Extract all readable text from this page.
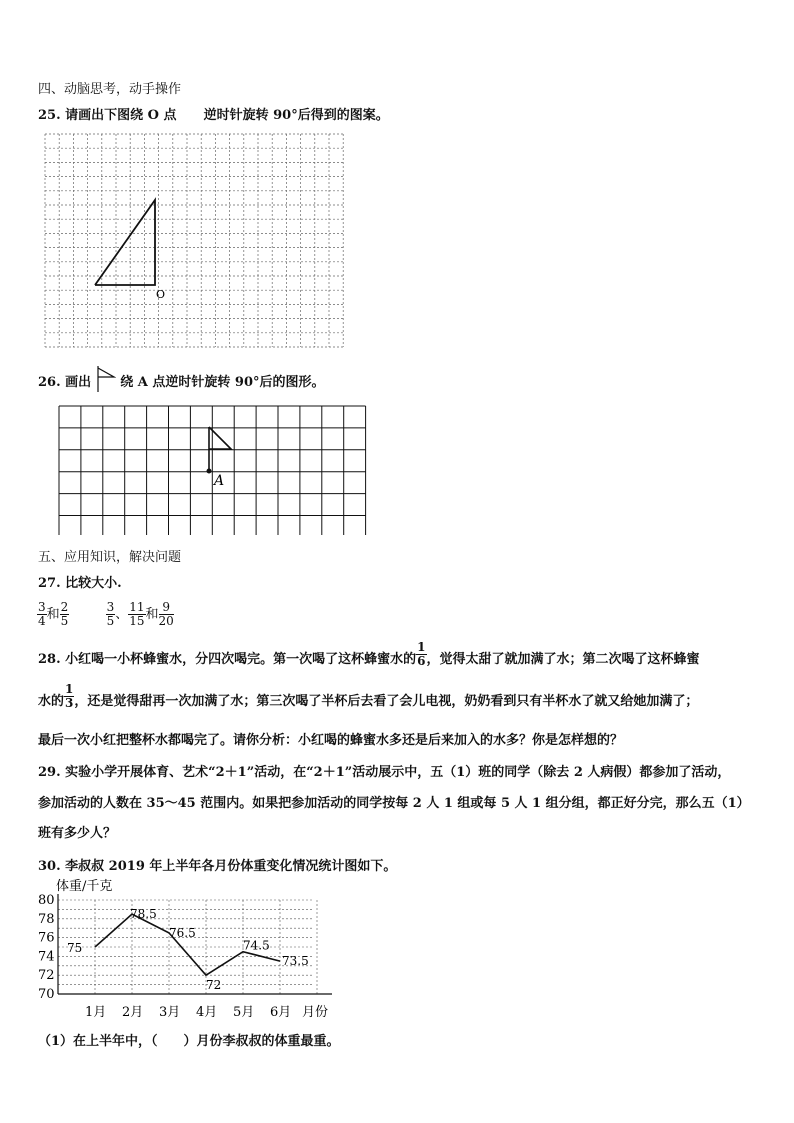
四、动脑思考，动手操作
25. 请画出下图绕 O 点 逆时针旋转 90°后得到的图案。
O
26. 画出 绕 A 点逆时针旋转 90°后的图形。
A
五、应用知识，解决问题
27. 比较大小.
$\frac{3}{4}$ 和 $\frac{2}{5}$
	$\frac{3}{5}$ 、 $\frac{11}{15}$ 和 $\frac{9}{20}$
28. 小红喝一小杯蜂蜜水，分四次喝完。第一次喝了这杯蜂蜜水的 $\frac{1}{6}$ ，觉得太甜了就加满了水；第二次喝了这杯蜂蜜
水的 $\frac{1}{3}$ ，还是觉得甜再一次加满了水；第三次喝了半杯后去看了会儿电视，奶奶看到只有半杯水了就又给她加满了；
最后一次小红把整杯水都喝完了。请你分析：小红喝的蜂蜜水多还是后来加入的水多？你是怎样想的？
29. 实验小学开展体育、艺术“2＋1”活动，在“2＋1”活动展示中，五（1）班的同学（除去 2 人病假）都参加了活动，
参加活动的人数在 35～45 范围内。如果把参加活动的同学按每 2 人 1 组或每 5 人 1 组分组，都正好分完，那么五（1）
班有多少人？
30. 李叔叔 2019 年上半年各月份体重变化情况统计图如下。
70
72
74
76
78
80
1月 2月 3月 4月 5月 6月
75
78.5
76.5
72
74.5
73.5
体重/千克
月份
（1）在上半年中，（　　）月份李叔叔的体重最重。
